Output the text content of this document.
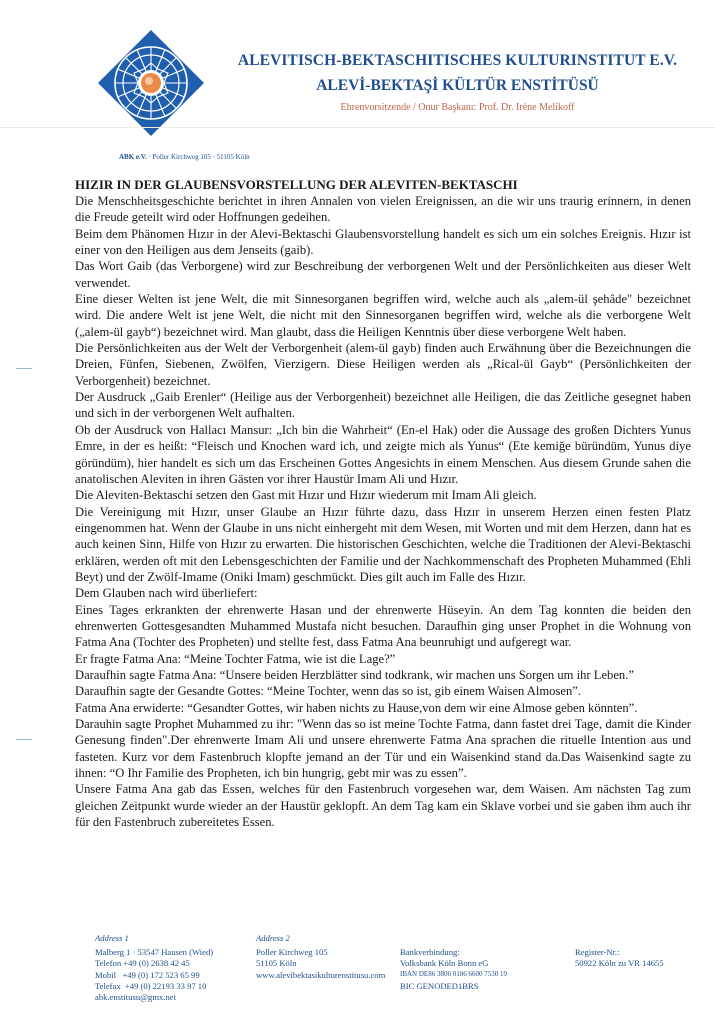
ALEVITISCH-BEKTASCHITISCHES KULTURINSTITUT E.V.
ALEVİ-BEKTAŞİ KÜLTÜR ENSTİTÜSÜ
Ehrenvorsitzende / Onur Başkanı: Prof. Dr. Irène Melikoff
ABK e.V. · Poller Kirchweg 105 · 51105 Köln
HIZIR IN DER GLAUBENSVORSTELLUNG DER ALEVITEN-BEKTASCHI

Die Menschheitsgeschichte berichtet in ihren Annalen von vielen Ereignissen, an die wir uns traurig erinnern, in denen die Freude geteilt wird oder Hoffnungen gedeihen.

Beim dem Phänomen Hızır in der Alevi-Bektaschi Glaubensvorstellung handelt es sich um ein solches Ereignis. Hızır ist einer von den Heiligen aus dem Jenseits (gaib).

Das Wort Gaib (das Verborgene) wird zur Beschreibung der verborgenen Welt und der Persönlichkeiten aus dieser Welt verwendet.

Eine dieser Welten ist jene Welt, die mit Sinnesorganen begriffen wird, welche auch als „alem-ül şehâde" bezeichnet wird. Die andere Welt ist jene Welt, die nicht mit den Sinnesorganen begriffen wird, welche als die verborgene Welt („alem-ül gayb“) bezeichnet wird. Man glaubt, dass die Heiligen Kenntnis über diese verborgene Welt haben.

Die Persönlichkeiten aus der Welt der Verborgenheit (alem-ül gayb) finden auch Erwähnung über die Bezeichnungen die Dreien, Fünfen, Siebenen, Zwölfen, Vierzigern. Diese Heiligen werden als „Rical-ül Gayb“ (Persönlichkeiten der Verborgenheit) bezeichnet.

Der Ausdruck „Gaib Erenler“ (Heilige aus der Verborgenheit) bezeichnet alle Heiligen, die das Zeitliche gesegnet haben und sich in der verborgenen Welt aufhalten.

Ob der Ausdruck von Hallacı Mansur: „Ich bin die Wahrheit“ (En-el Hak) oder die Aussage des großen Dichters Yunus Emre, in der es heißt: “Fleisch und Knochen ward ich, und zeigte mich als Yunus“ (Ete kemiğe büründüm, Yunus diye göründüm), hier handelt es sich um das Erscheinen Gottes Angesichts in einem Menschen. Aus diesem Grunde sahen die anatolischen Aleviten in ihren Gästen vor ihrer Haustür Imam Ali und Hızır.

Die Aleviten-Bektaschi setzen den Gast mit Hızır und Hızır wiederum mit Imam Ali gleich.

Die Vereinigung mit Hızır, unser Glaube an Hızır führte dazu, dass Hızır in unserem Herzen einen festen Platz eingenommen hat. Wenn der Glaube in uns nicht einhergeht mit dem Wesen, mit Worten und mit dem Herzen, dann hat es auch keinen Sinn, Hilfe von Hızır zu erwarten. Die historischen Geschichten, welche die Traditionen der Alevi-Bektaschi erklären, werden oft mit den Lebensgeschichten der Familie und der Nachkommenschaft des Propheten Muhammed (Ehli Beyt) und der Zwölf-Imame (Oniki Imam) geschmückt. Dies gilt auch im Falle des Hızır.

Dem Glauben nach wird überliefert:

Eines Tages erkrankten der ehrenwerte Hasan und der ehrenwerte Hüseyin. An dem Tag konnten die beiden den ehrenwerten Gottesgesandten Muhammed Mustafa nicht besuchen. Daraufhin ging unser Prophet in die Wohnung von Fatma Ana (Tochter des Propheten) und stellte fest, dass Fatma Ana beunruhigt und aufgeregt war.

Er fragte Fatma Ana: “Meine Tochter Fatma, wie ist die Lage?”

Daraufhin sagte Fatma Ana: “Unsere beiden Herzblätter sind todkrank, wir machen uns Sorgen um ihr Leben.”

Daraufhin sagte der Gesandte Gottes: “Meine Tochter, wenn das so ist, gib einem Waisen Almosen”.

Fatma Ana erwiderte: “Gesandter Gottes, wir haben nichts zu Hause,von dem wir eine Almose geben könnten”.

Darauhin sagte Prophet Muhammed zu ihr: "Wenn das so ist meine Tochte Fatma, dann fastet drei Tage, damit die Kinder Genesung finden".Der ehrenwerte Imam Ali und unsere ehrenwerte Fatma Ana sprachen die rituelle Intention aus und fasteten. Kurz vor dem Fastenbruch klopfte jemand an der Tür und ein Waisenkind stand da.Das Waisenkind sagte zu ihnen: “O Ihr Familie des Propheten, ich bin hungrig, gebt mir was zu essen”.

Unsere Fatma Ana gab das Essen, welches für den Fastenbruch vorgesehen war, dem Waisen. Am nächsten Tag zum gleichen Zeitpunkt wurde wieder an der Haustür geklopft. An dem Tag kam ein Sklave vorbei und sie gaben ihm auch ihr für den Fastenbruch zubereitetes Essen.

Address 1
Malberg 1 · 53547 Hausen (Wied)
Telefon +49 (0) 2638 42 45
Mobil   +49 (0) 172 523 65 99
Telefax  +49 (0) 22193 33 97 10
abk.enstitusu@gmx.net
Address 2
Poller Kirchweg 105
51105 Köln
www.alevibektasikulturenstitusu.com
Bankverbindung:
Volksbank Köln Bonn eG
IBAN DE86 3806 0186 6600 7530 19
BIC GENODED1BRS
Register-Nr.:
50922 Köln zu VR 14655
